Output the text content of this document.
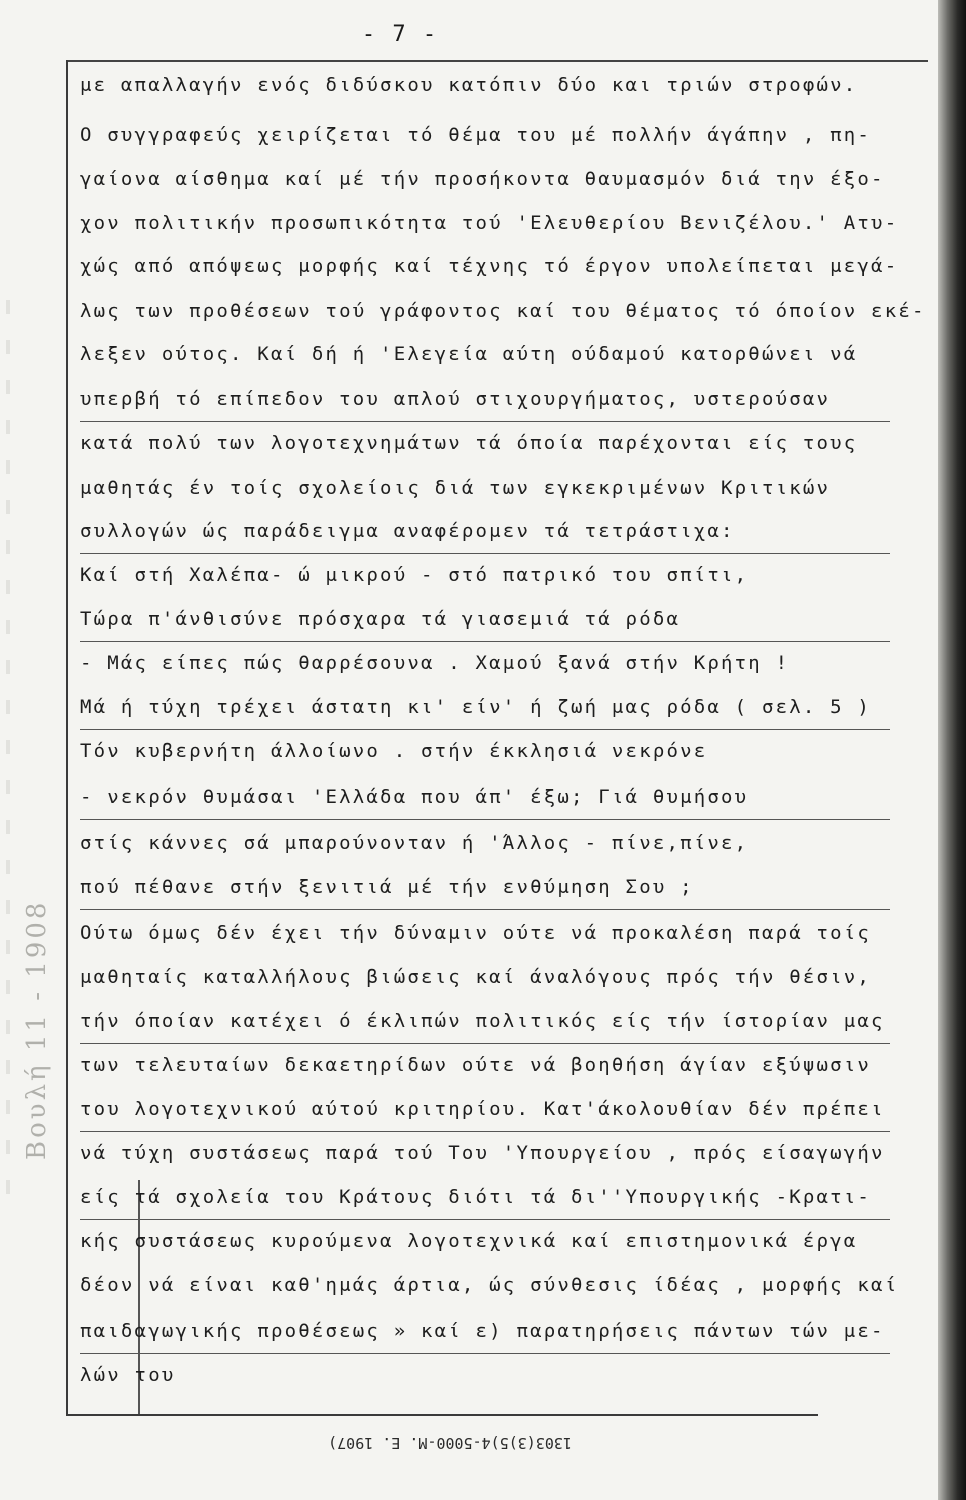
Βουλή 11 - 1908
- 7 -
με απαλλαγήν ενός διδύσκου κατόπιν δύο και τριών στροφών.
Ο συγγραφεύς χειρίζεται τό θέμα του μέ πολλήν άγάπην , πη-
γαίονα αίσθημα καί μέ τήν προσήκοντα θαυμασμόν διά την έξο-
χον πολιτικήν προσωπικότητα τού 'Ελευθερίου Βενιζέλου.' Ατυ-
χώς από απόψεως μορφής καί τέχνης τό έργον υπολείπεται μεγά-
λως των προθέσεων τού γράφοντος καί του θέματος τό όποίον εκέ-
λεξεν ούτος. Καί δή ή 'Ελεγεία αύτη ούδαμού κατορθώνει νά
υπερβή τό επίπεδον του απλού στιχουργήματος, υστερούσαν
κατά πολύ των λογοτεχνημάτων τά όποία παρέχονται είς τους
μαθητάς έν τοίς σχολείοις διά των εγκεκριμένων Κριτικών
συλλογών ώς παράδειγμα αναφέρομεν τά τετράστιχα:
Καί στή Χαλέπα- ώ μικρού - στό πατρικό του σπίτι,
Τώρα π'άνθισύνε πρόσχαρα τά γιασεμιά τά ρόδα
- Μάς είπες πώς θαρρέσουνα . Χαμού ξανά στήν Κρήτη !
Μά ή τύχη τρέχει άστατη κι' είν' ή ζωή μας ρόδα ( σελ. 5 )
Τόν κυβερνήτη άλλοίωνο . στήν έκκλησιά νεκρόνε
- νεκρόν θυμάσαι 'Ελλάδα που άπ' έξω; Γιά θυμήσου
στίς κάννες σά μπαρούνονταν ή 'Άλλος - πίνε,πίνε,
πού πέθανε στήν ξενιτιά μέ τήν ενθύμηση Σου ;
Ούτω όμως δέν έχει τήν δύναμιν ούτε νά προκαλέση παρά τοίς
μαθηταίς καταλλήλους βιώσεις καί άναλόγους πρός τήν θέσιν,
τήν όποίαν κατέχει ό έκλιπών πολιτικός είς τήν ίστορίαν μας
των τελευταίων δεκαετηρίδων ούτε νά βοηθήση άγίαν εξύψωσιν
του λογοτεχνικού αύτού κριτηρίου. Κατ'άκολουθίαν δέν πρέπει
νά τύχη συστάσεως παρά τού Του 'Υπουργείου , πρός είσαγωγήν
είς τά σχολεία του Κράτους διότι τά δι''Υπουργικής -Κρατι-
κής συστάσεως κυρούμενα λογοτεχνικά καί επιστημονικά έργα
δέον νά είναι καθ'ημάς άρτια, ώς σύνθεσις ίδέας , μορφής καί
παιδαγωγικής προθέσεως » καί ε) παρατηρήσεις πάντων τών με-
λών του
1303(3)5)4-5000-M. E. 1907)
